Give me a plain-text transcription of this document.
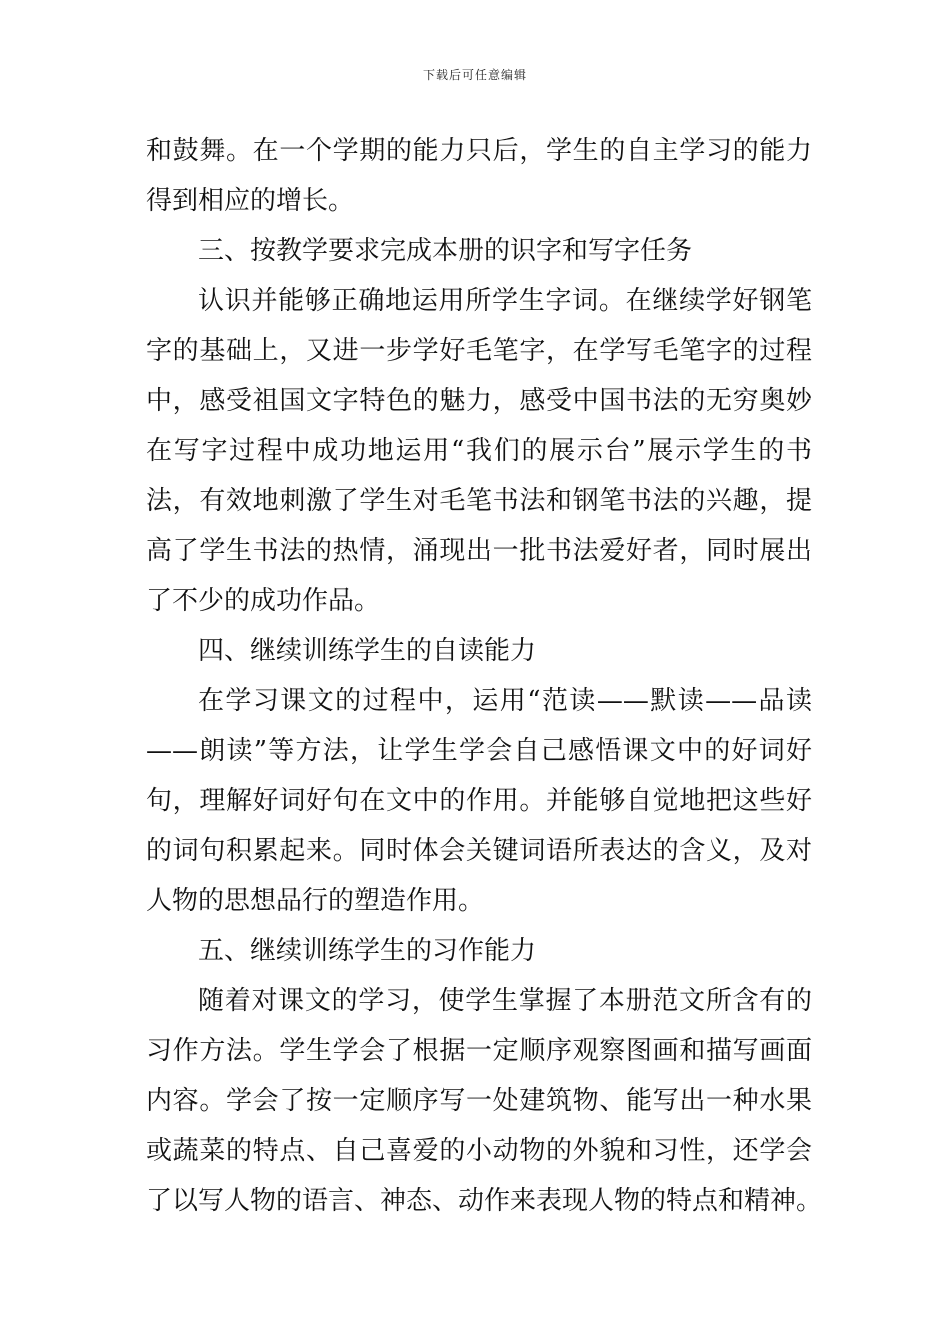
下载后可任意编辑
和鼓舞。在一个学期的能力只后，学生的自主学习的能力
得到相应的增长。
三、按教学要求完成本册的识字和写字任务
认识并能够正确地运用所学生字词。在继续学好钢笔
字的基础上，又进一步学好毛笔字，在学写毛笔字的过程
中，感受祖国文字特色的魅力，感受中国书法的无穷奥妙
在写字过程中成功地运用“我们的展示台”展示学生的书
法，有效地刺激了学生对毛笔书法和钢笔书法的兴趣，提
高了学生书法的热情，涌现出一批书法爱好者，同时展出
了不少的成功作品。
四、继续训练学生的自读能力
在学习课文的过程中，运用“范读——默读——品读
——朗读”等方法，让学生学会自己感悟课文中的好词好
句，理解好词好句在文中的作用。并能够自觉地把这些好
的词句积累起来。同时体会关键词语所表达的含义，及对
人物的思想品行的塑造作用。
五、继续训练学生的习作能力
随着对课文的学习，使学生掌握了本册范文所含有的
习作方法。学生学会了根据一定顺序观察图画和描写画面
内容。学会了按一定顺序写一处建筑物、能写出一种水果
或蔬菜的特点、自己喜爱的小动物的外貌和习性，还学会
了以写人物的语言、神态、动作来表现人物的特点和精神。
